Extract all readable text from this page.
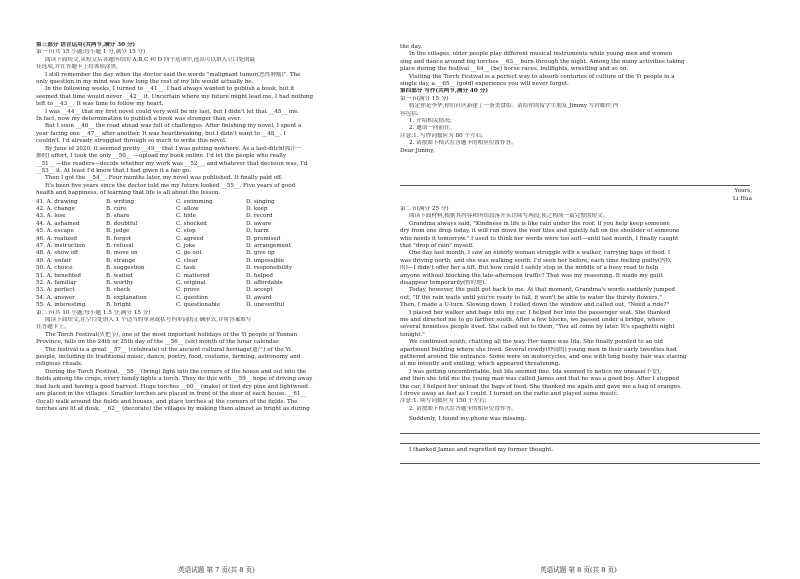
第三部分 语言运用(共两节,满分 30 分)
第一节(共 15 小题;每小题 1 分,满分 15 分)
阅读下面短文,从短文后各题所给的 A,B,C 和 D 四个选项中,选出可以填入空白处的最
佳选项,并在答题卡上将该项涂黑。
I still remember the day when the doctor said the words "malignant tumor(恶性肿瘤)". The
only question in my mind was how long the rest of my life would actually be.
In the following weeks, I turned to __41__. I had always wanted to publish a book, but it
seemed that time would never __42__ it. Uncertain where my future might lead me, I had nothing
left to __43__. It was time to follow my heart.
I was __44__ that my first novel could very well be my last, but I didn't let that __45__ me.
In fact, now my determination to publish a book was stronger than ever.
But I soon __46__ the road ahead was full of challenges. After finishing my novel, I spent a
year facing one __47__ after another. It was heartbreaking, but I didn't want to __48__. I
couldn't. I'd already struggled through so much to write this novel.
By June of 2020, it seemed pretty __49__ that I was getting nowhere. As a last-ditch(孤注一
掷的) effort, I took the only __50__ —upload my book online. I'd let the people who really
__51__ —the readers—decide whether my work was __52__, and whatever that decision was, I'd
__53__ it. At least I'd know that I had given it a fair go.
Then I got the __54__. Four months later, my novel was published. It finally paid off.
It's been five years since the doctor told me my future looked __55__. Five years of good
health and happiness, of learning that life is all about the lesson.
41. A. drawing	B. writing	C. swimming	D. singing
42. A. change	B. cure	C. allow	D. keep
43. A. lose	B. share	C. hide	D. record
44. A. ashamed	B. doubtful	C. shocked	D. aware
45. A. escape	B. judge	C. stop	D. harm
46. A. realized	B. forgot	C. agreed	D. promised
47. A. instruction	B. refusal	C. joke	D. arrangement
48. A. show off	B. move on	C. go out	D. give up
49. A. unfair	B. strange	C. clear	D. impossible
50. A. choice	B. suggestion	C. task	D. responsibility
51. A. benefited	B. waited	C. mattered	D. helped
52. A. familiar	B. worthy	C. original	D. affordable
53. A. perfect	B. check	C. prove	D. accept
54. A. answer	B. explanation	C. question	D. award
55. A. interesting	B. bright	C. questionable	D. uneventful
第二节(共 10 小题;每小题 1.5 分,满分 15 分)
阅读下面短文,在空白处填入 1 个适当的单词或括号内单词的正确形式,并将答案填写
在答题卡上。
The Torch Festival(火把节), one of the most important holidays of the Yi people of Yunnan
Province, falls on the 24th or 25th day of the __56__ (six) month of the lunar calendar.
The festival is a great __57__ (celebrate) of the ancient cultural heritage(遗产) of the Yi
people, including its traditional music, dance, poetry, food, costume, farming, astronomy and
religious rituals.
During the Torch Festival, __58__ (bring) light into the corners of the house and out into the
fields among the crops, every family lights a torch. They do this with __59__ hope of driving away
bad luck and having a good harvest. Huge torches __60__ (make) of tied dry pine and lightwood
are placed in the villages. Smaller torches are placed in front of the door of each house. __61__
(local) walk around the fields and houses, and place torches at the corners of the fields. The
torches are lit at dusk, __62__ (decorate) the villages by making them almost as bright as during
英语试题 第 7 页(共 8 页)
the day.
In the villages, older people play different musical instruments while young men and women
sing and dance around big torches __63__ burn through the night. Among the many activities taking
place during the festival __64__ (be) horse races, bullfights, wrestling and so on.
Visiting the Torch Festival is a perfect way to absorb centuries of culture of the Yi people in a
single day, a __65__ (gold) experience you will never forget.
第四部分 写作(共两节,满分 40 分)
第一节(满分 15 分)
假定你是李华,你们社区新建了一条美食街。请给你的留学生朋友 Jimmy 写封邮件,内
容包括:
1. 介绍相关情况;
2. 邀请一同前往。
注意:1. 写作词数应为 80 个左右;
2. 请按如下格式在答题卡的相应位置作答。
Dear Jimmy,
Yours,
Li Hua
第二节(满分 25 分)
阅读下面材料,根据其内容和所给段落开头语续写两段,使之构成一篇完整的短文。
Grandma always said, "Kindness in life is like rain under the roof. If you help keep someone
dry from one drop today, it will run down the roof tiles and quietly fall on the shoulder of someone
who needs it tomorrow." I used to think her words were too soft—until last month, I finally caught
that "drop of rain" myself.
One day last month, I saw an elderly woman struggle with a walker, carrying bags of food. I
was driving north, and she was walking south. I'd seen her before, each time feeling guilty(内疚
的)—I didn't offer her a lift. But how could I safely stop in the middle of a busy road to help
anyone without blocking the late-afternoon traffic? That was my reasoning. It made my guilt
disappear temporarily(暂时地).
Today, however, the guilt got back to me. At that moment, Grandma's words suddenly jumped
out, "If the rain waits until you're ready to fall, it won't be able to water the thirsty flowers."
Then, I made a U-turn. Slowing down, I rolled down the window and called out, "Need a ride?"
I placed her walker and bags into my car. I helped her into the passenger seat. She thanked
me and directed me to go farther south. After a few blocks, we passed under a bridge, where
several homeless people lived. She called out to them, "You all come by later. It's spaghetti night
tonight."
We continued south, chatting all the way. Her name was Ida. She finally pointed to an old
apartment building where she lived. Several rowdy(吵闹的) young men in their early twenties had
gathered around the entrance. Some were on motorcycles, and one with long bushy hair was staring
at me intently and smiling, which appeared threatening.
I was getting uncomfortable, but Ida seemed fine. Ida seemed to notice my unease(不安),
and then she told me the young man was called James and that he was a good boy. After I stopped
the car, I helped her unload the bags of food. She thanked me again and gave me a bag of oranges.
I drove away as fast as I could. I turned on the radio and played some music.
注意:1. 续写词数应为 150 个左右;
2. 请按如下格式在答题卡的相应位置作答。
Suddenly, I found my phone was missing.
I thanked James and regretted my former thought.
英语试题 第 8 页(共 8 页)
